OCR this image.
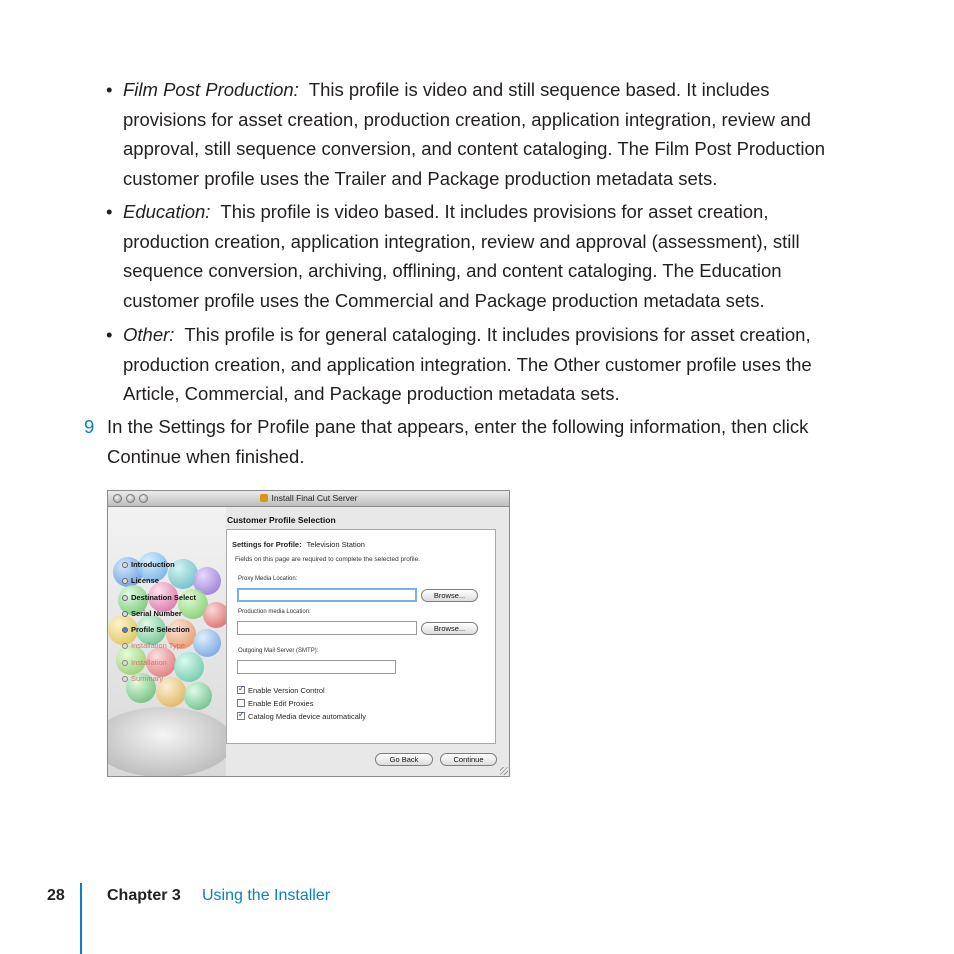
• Film Post Production: This profile is video and still sequence based. It includes
provisions for asset creation, production creation, application integration, review and
approval, still sequence conversion, and content cataloging. The Film Post Production
customer profile uses the Trailer and Package production metadata sets.
• Education: This profile is video based. It includes provisions for asset creation,
production creation, application integration, review and approval (assessment), still
sequence conversion, archiving, offlining, and content cataloging. The Education
customer profile uses the Commercial and Package production metadata sets.
• Other: This profile is for general cataloging. It includes provisions for asset creation,
production creation, and application integration. The Other customer profile uses the
Article, Commercial, and Package production metadata sets.
9 In the Settings for Profile pane that appears, enter the following information, then click
Continue when finished.
Install Final Cut Server
Introduction
License
Destination Select
Serial Number
Profile Selection
Installation Type
Installation
Summary
Customer Profile Selection
Settings for Profile: Television Station
Fields on this page are required to complete the selected profile.
Proxy Media Location:
Browse...
Production media Location:
Browse...
Outgoing Mail Server (SMTP):
✓Enable Version Control
Enable Edit Proxies
✓Catalog Media device automatically
Go Back	Continue
28	Chapter 3 Using the Installer
